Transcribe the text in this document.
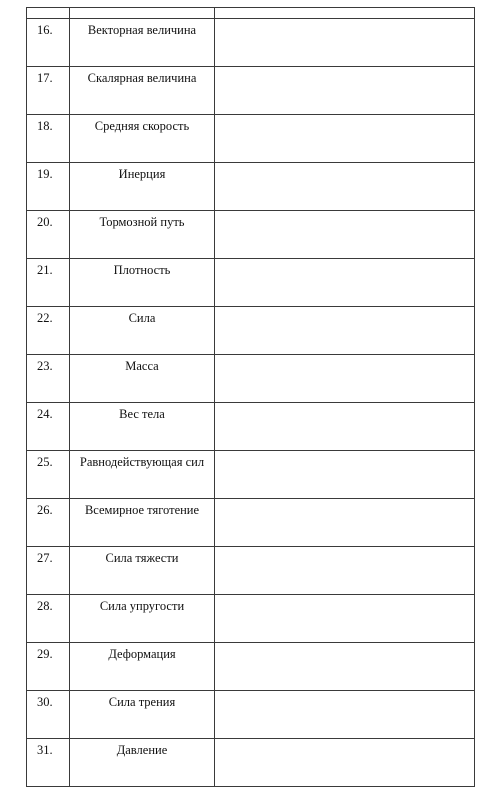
16.	Векторная величина	
17.	Скалярная величина	
18.	Средняя скорость	
19.	Инерция	
20.	Тормозной путь	
21.	Плотность	
22.	Сила	
23.	Масса	
24.	Вес тела	
25.	Равнодействующая сил	
26.	Всемирное тяготение	
27.	Сила тяжести	
28.	Сила упругости	
29.	Деформация	
30.	Сила трения	
31.	Давление	
